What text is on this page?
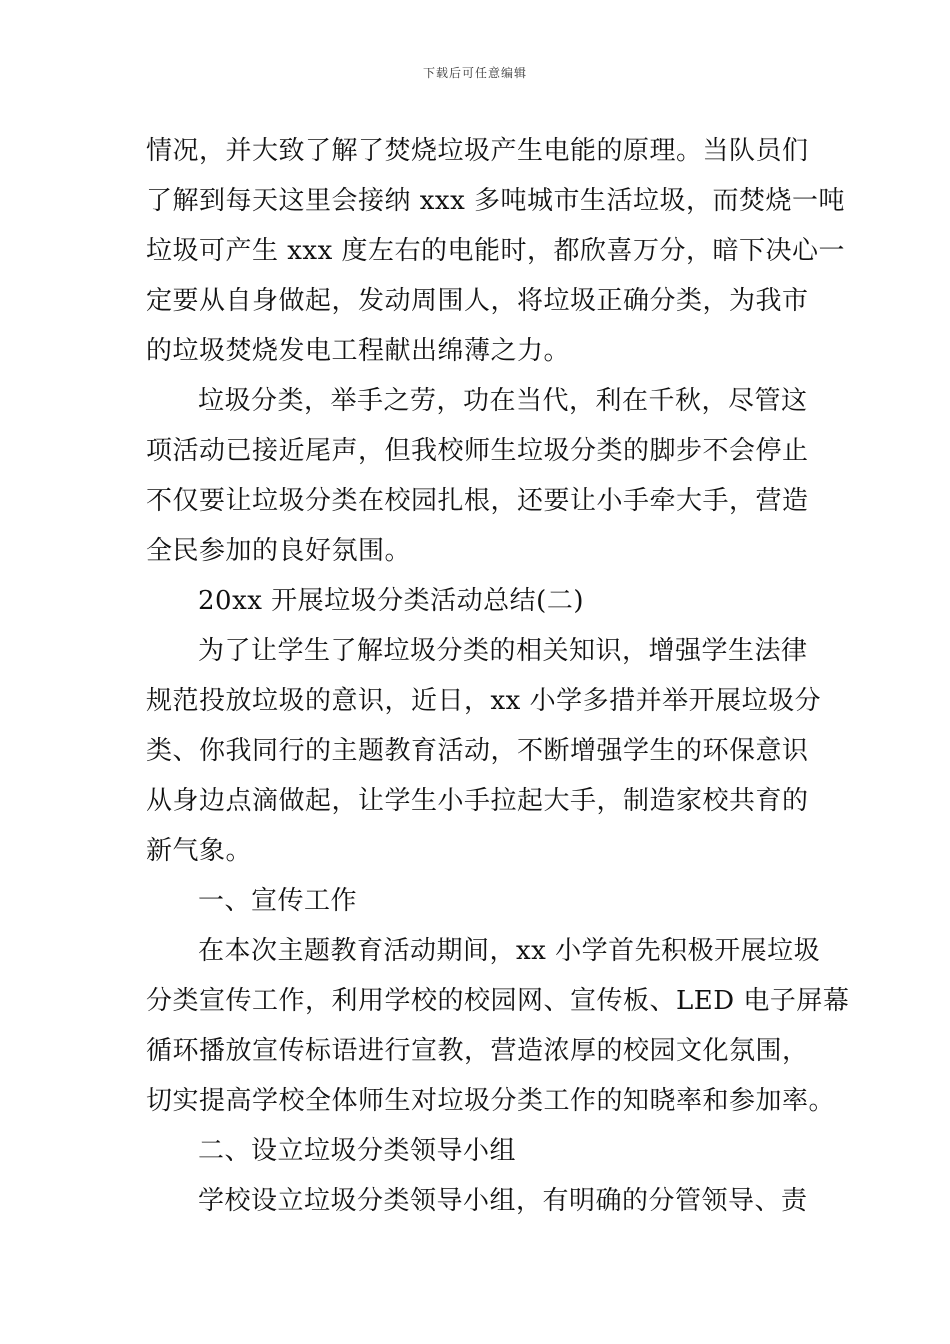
下载后可任意编辑
情况，并大致了解了焚烧垃圾产生电能的原理。当队员们
了解到每天这里会接纳 xxx 多吨城市生活垃圾，而焚烧一吨
垃圾可产生 xxx 度左右的电能时，都欣喜万分，暗下决心一
定要从自身做起，发动周围人，将垃圾正确分类，为我市
的垃圾焚烧发电工程献出绵薄之力。
垃圾分类，举手之劳，功在当代，利在千秋，尽管这
项活动已接近尾声，但我校师生垃圾分类的脚步不会停止
不仅要让垃圾分类在校园扎根，还要让小手牵大手，营造
全民参加的良好氛围。
20xx 开展垃圾分类活动总结(二)
为了让学生了解垃圾分类的相关知识，增强学生法律
规范投放垃圾的意识，近日，xx 小学多措并举开展垃圾分
类、你我同行的主题教育活动，不断增强学生的环保意识
从身边点滴做起，让学生小手拉起大手，制造家校共育的
新气象。
一、宣传工作
在本次主题教育活动期间，xx 小学首先积极开展垃圾
分类宣传工作，利用学校的校园网、宣传板、LED 电子屏幕
循环播放宣传标语进行宣教，营造浓厚的校园文化氛围，
切实提高学校全体师生对垃圾分类工作的知晓率和参加率。
二、设立垃圾分类领导小组
学校设立垃圾分类领导小组，有明确的分管领导、责
